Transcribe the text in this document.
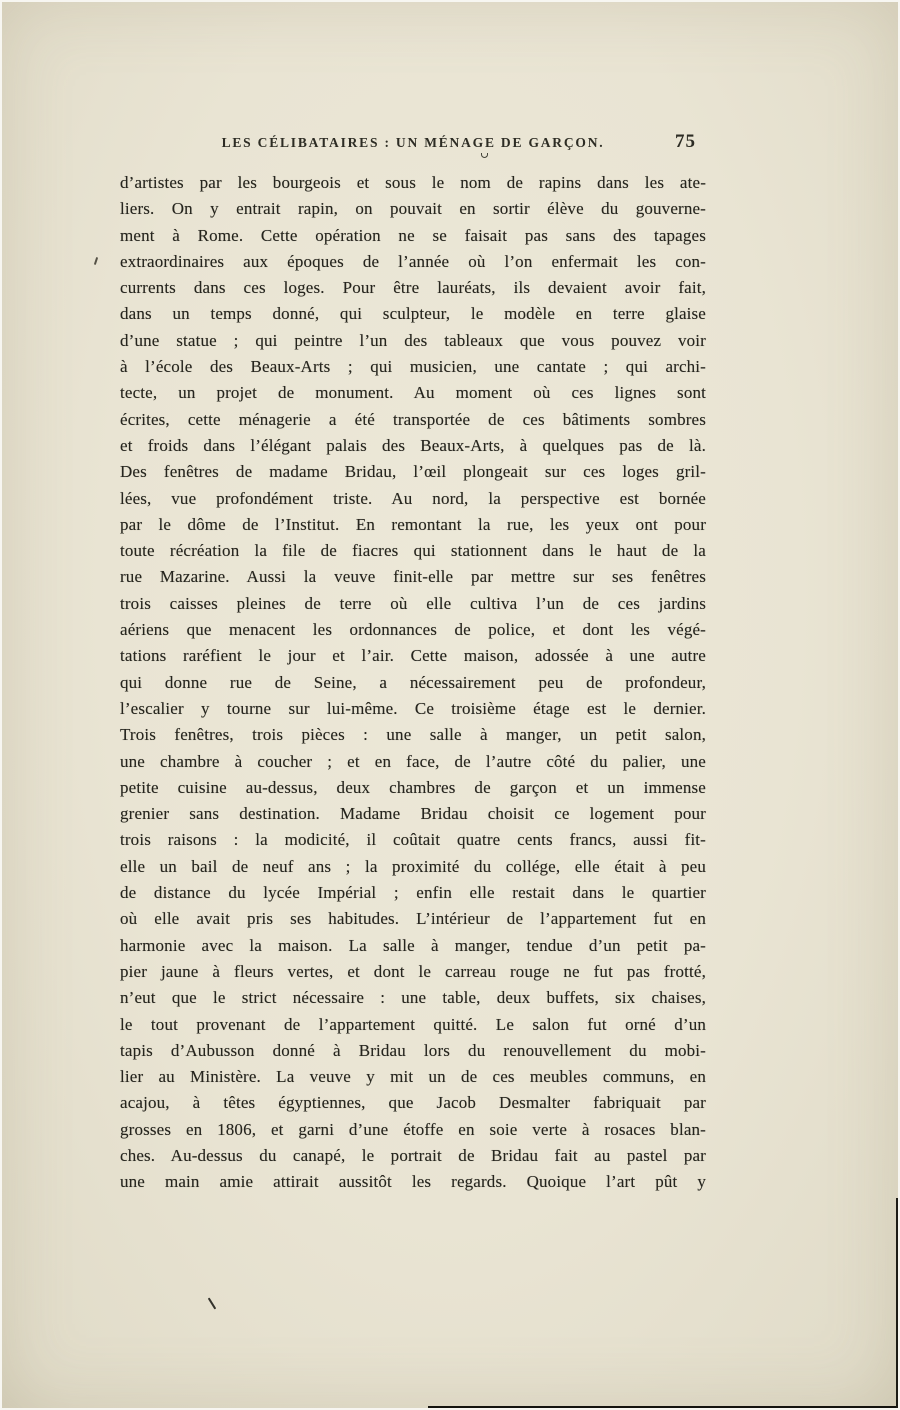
LES CÉLIBATAIRES : UN MÉNAGE DE GARÇON.	75
d’artistes par les bourgeois et sous le nom de rapins dans les ate-
liers. On y entrait rapin, on pouvait en sortir élève du gouverne-
ment à Rome. Cette opération ne se faisait pas sans des tapages
extraordinaires aux époques de l’année où l’on enfermait les con-
currents dans ces loges. Pour être lauréats, ils devaient avoir fait,
dans un temps donné, qui sculpteur, le modèle en terre glaise
d’une statue ; qui peintre l’un des tableaux que vous pouvez voir
à l’école des Beaux-Arts ; qui musicien, une cantate ; qui archi-
tecte, un projet de monument. Au moment où ces lignes sont
écrites, cette ménagerie a été transportée de ces bâtiments sombres
et froids dans l’élégant palais des Beaux-Arts, à quelques pas de là.
Des fenêtres de madame Bridau, l’œil plongeait sur ces loges gril-
lées, vue profondément triste. Au nord, la perspective est bornée
par le dôme de l’Institut. En remontant la rue, les yeux ont pour
toute récréation la file de fiacres qui stationnent dans le haut de la
rue Mazarine. Aussi la veuve finit-elle par mettre sur ses fenêtres
trois caisses pleines de terre où elle cultiva l’un de ces jardins
aériens que menacent les ordonnances de police, et dont les végé-
tations raréfient le jour et l’air. Cette maison, adossée à une autre
qui donne rue de Seine, a nécessairement peu de profondeur,
l’escalier y tourne sur lui-même. Ce troisième étage est le dernier.
Trois fenêtres, trois pièces : une salle à manger, un petit salon,
une chambre à coucher ; et en face, de l’autre côté du palier, une
petite cuisine au-dessus, deux chambres de garçon et un immense
grenier sans destination. Madame Bridau choisit ce logement pour
trois raisons : la modicité, il coûtait quatre cents francs, aussi fit-
elle un bail de neuf ans ; la proximité du collége, elle était à peu
de distance du lycée Impérial ; enfin elle restait dans le quartier
où elle avait pris ses habitudes. L’intérieur de l’appartement fut en
harmonie avec la maison. La salle à manger, tendue d’un petit pa-
pier jaune à fleurs vertes, et dont le carreau rouge ne fut pas frotté,
n’eut que le strict nécessaire : une table, deux buffets, six chaises,
le tout provenant de l’appartement quitté. Le salon fut orné d’un
tapis d’Aubusson donné à Bridau lors du renouvellement du mobi-
lier au Ministère. La veuve y mit un de ces meubles communs, en
acajou, à têtes égyptiennes, que Jacob Desmalter fabriquait par
grosses en 1806, et garni d’une étoffe en soie verte à rosaces blan-
ches. Au-dessus du canapé, le portrait de Bridau fait au pastel par
une main amie attirait aussitôt les regards. Quoique l’art pût y
